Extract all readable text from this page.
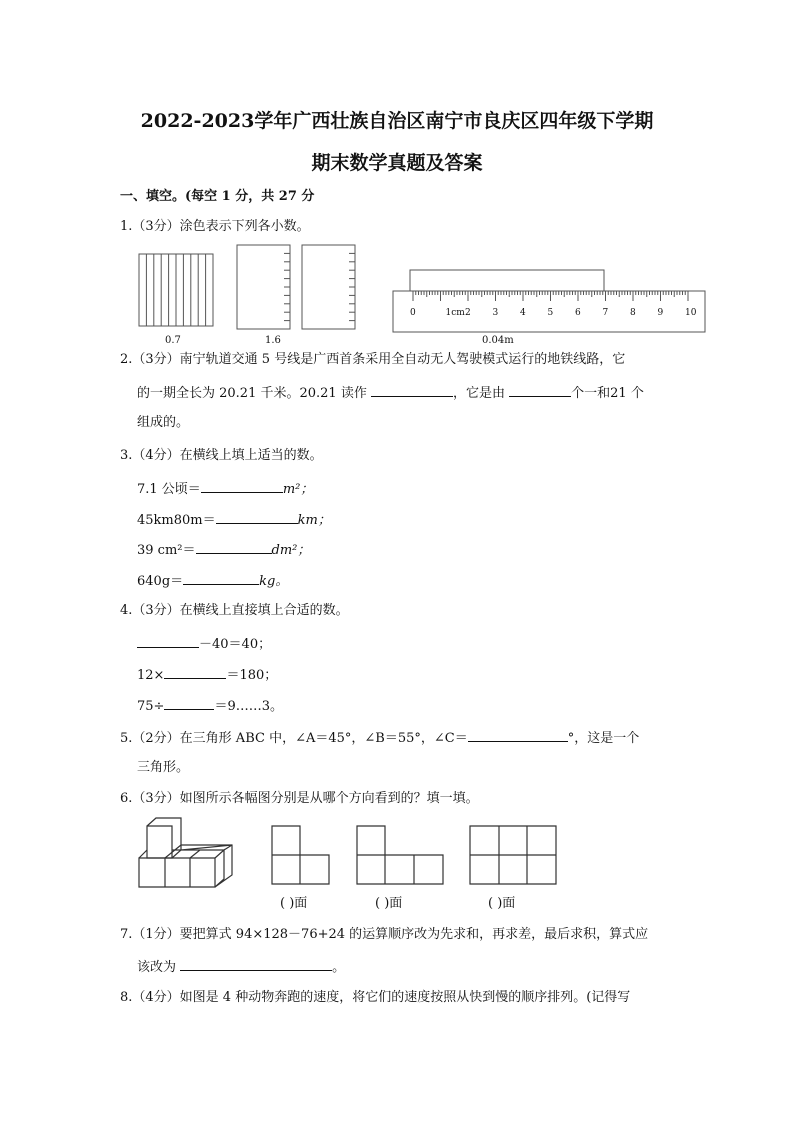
2022-2023学年广西壮族自治区南宁市良庆区四年级下学期
期末数学真题及答案
一、填空。(每空 1 分，共 27 分
1.（3分）涂色表示下列各小数。
0.7	1.6	0.04m
0	1cm 2 3 4 5 6 7 8 9 10
2.（3分）南宁轨道交通 5 号线是广西首条采用全自动无人驾驶模式运行的地铁线路，它
的一期全长为 20.21 千米。20.21 读作	，它是由	个一和21 个
组成的。
3.（4分）在横线上填上适当的数。
7.1 公顷＝	m²；
45km80m＝	km；
39 cm²＝	dm²；
640g＝	kg。
4.（3分）在横线上直接填上合适的数。
－40＝40；
12×	＝180；
75÷	＝9……3。
5.（2分）在三角形 ABC 中，∠A＝45°，∠B＝55°，∠C＝	°，这是一个
三角形。
6.（3分）如图所示各幅图分别是从哪个方向看到的？填一填。
( )面	( )面	( )面
7.（1分）要把算式 94×128－76+24 的运算顺序改为先求和，再求差，最后求积，算式应
该改为	。
8.（4分）如图是 4 种动物奔跑的速度，将它们的速度按照从快到慢的顺序排列。(记得写
